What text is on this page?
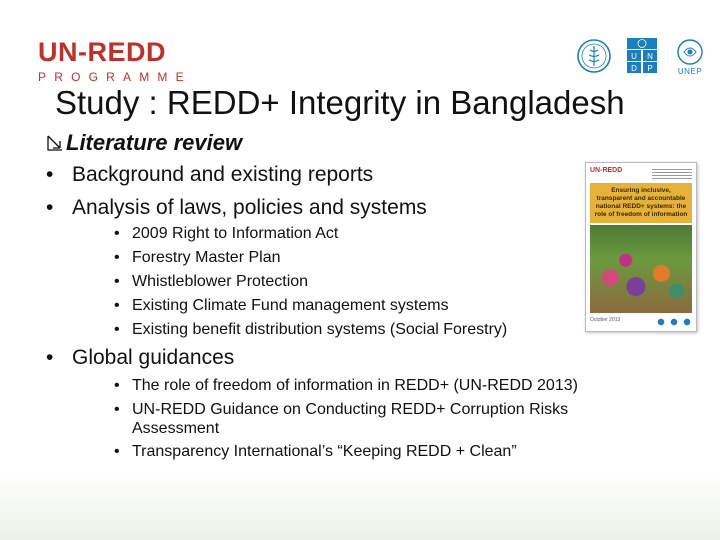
UN-REDD
PROGRAMME
U N
D P	UNEP
Study : REDD+ Integrity in Bangladesh
Literature review
• Background and existing reports
• Analysis of laws, policies and systems
• 2009 Right to Information Act
• Forestry Master Plan
• Whistleblower Protection
• Existing Climate Fund management systems
• Existing benefit distribution systems (Social Forestry)
• Global guidances
• The role of freedom of information in REDD+ (UN-REDD 2013)
• UN-REDD Guidance on Conducting REDD+ Corruption Risks
Assessment
• Transparency International’s “Keeping REDD + Clean”
UN-REDD
Ensuring inclusive, transparent and accountable national REDD+ systems: the role of freedom of information
October 2013
